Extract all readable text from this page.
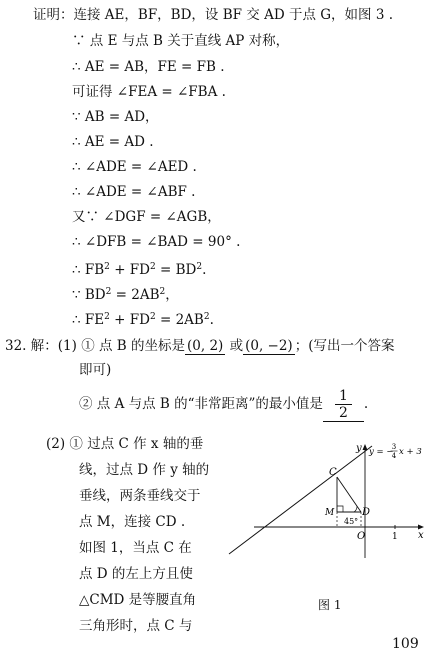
证明：连接 AE，BF，BD，设 BF 交 AD 于点 G，如图 3 .
∵ 点 E 与点 B 关于直线 AP 对称，
∴ AE = AB，FE = FB .
可证得 ∠FEA = ∠FBA .
∵ AB = AD，
∴ AE = AD .
∴ ∠ADE = ∠AED .
∴ ∠ADE = ∠ABF .
又∵ ∠DGF = ∠AGB，
∴ ∠DFB = ∠BAD = 90° .
∴ $FB^2 + FD^2 = BD^2$.
∵ $BD^2 = 2AB^2$，
∴ $FE^2 + FD^2 = 2AB^2$.
32. 解：(1) ① 点 B 的坐标是 (0, 2) 或 (0, −2) ；(写出一个答案
即可)
② 点 A 与点 B 的“非常距离”的最小值是 $\frac{1}{2}$ .
(2) ① 过点 C 作 x 轴的垂
线，过点 D 作 y 轴的
垂线，两条垂线交于
点 M，连接 CD .
如图 1，当点 C 在
点 D 的左上方且使
△CMD 是等腰直角
三角形时，点 C 与
y
x
O	1
C
M	D
45°
y = −
3
4 x + 3
图 1
109
